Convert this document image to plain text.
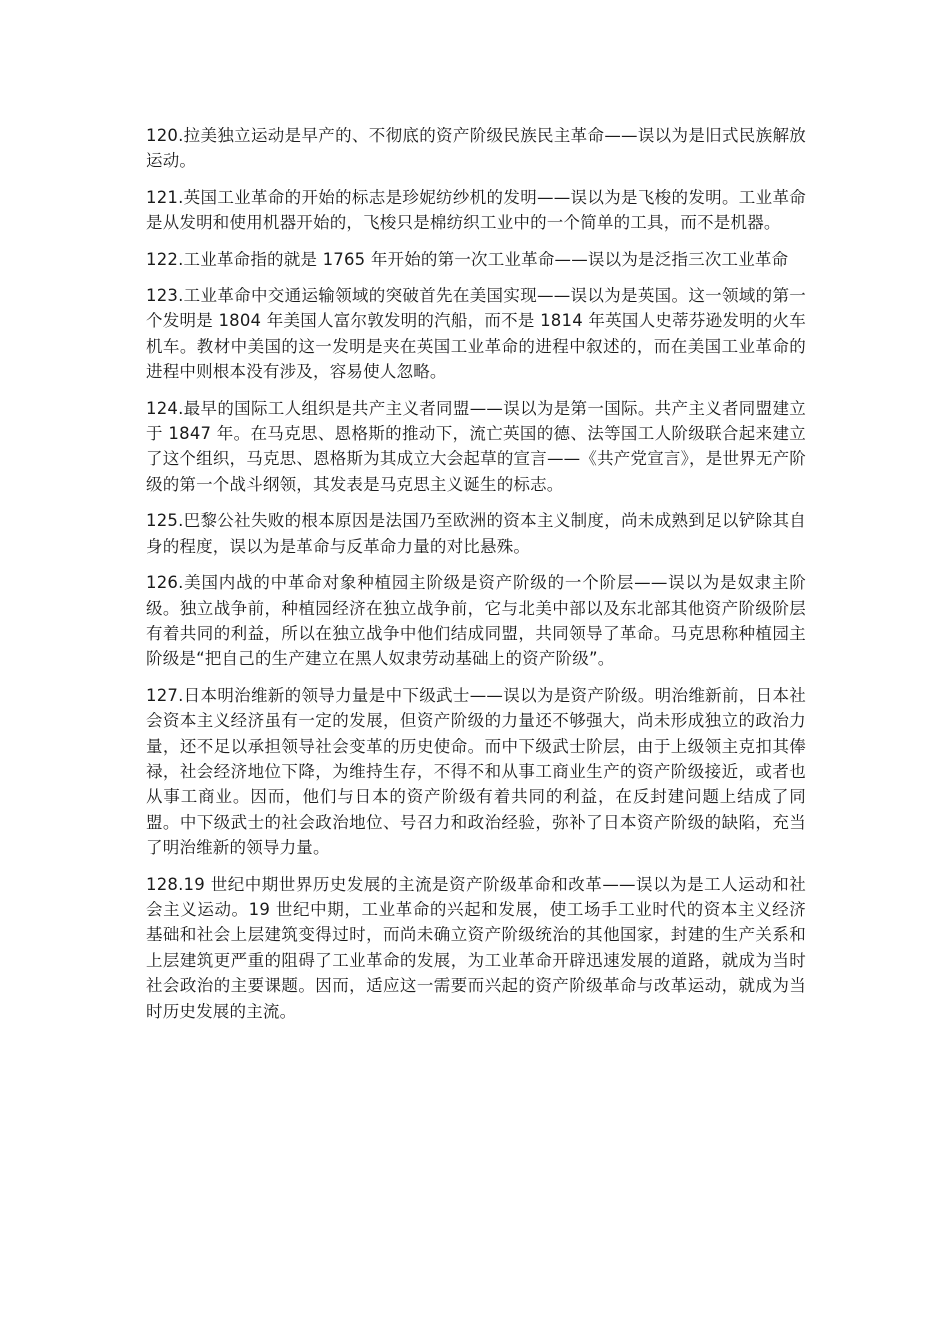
120.拉美独立运动是早产的、不彻底的资产阶级民族民主革命——误以为是旧式民族解放运动。

121.英国工业革命的开始的标志是珍妮纺纱机的发明——误以为是飞梭的发明。工业革命是从发明和使用机器开始的，飞梭只是棉纺织工业中的一个简单的工具，而不是机器。

122.工业革命指的就是 1765 年开始的第一次工业革命——误以为是泛指三次工业革命

123.工业革命中交通运输领域的突破首先在美国实现——误以为是英国。这一领域的第一个发明是 1804 年美国人富尔敦发明的汽船，而不是 1814 年英国人史蒂芬逊发明的火车机车。教材中美国的这一发明是夹在英国工业革命的进程中叙述的，而在美国工业革命的进程中则根本没有涉及，容易使人忽略。

124.最早的国际工人组织是共产主义者同盟——误以为是第一国际。共产主义者同盟建立于 1847 年。在马克思、恩格斯的推动下，流亡英国的德、法等国工人阶级联合起来建立了这个组织，马克思、恩格斯为其成立大会起草的宣言——《共产党宣言》，是世界无产阶级的第一个战斗纲领，其发表是马克思主义诞生的标志。

125.巴黎公社失败的根本原因是法国乃至欧洲的资本主义制度，尚未成熟到足以铲除其自身的程度，误以为是革命与反革命力量的对比悬殊。

126.美国内战的中革命对象种植园主阶级是资产阶级的一个阶层——误以为是奴隶主阶级。独立战争前，种植园经济在独立战争前，它与北美中部以及东北部其他资产阶级阶层有着共同的利益，所以在独立战争中他们结成同盟，共同领导了革命。马克思称种植园主阶级是“把自己的生产建立在黑人奴隶劳动基础上的资产阶级”。

127.日本明治维新的领导力量是中下级武士——误以为是资产阶级。明治维新前，日本社会资本主义经济虽有一定的发展，但资产阶级的力量还不够强大，尚未形成独立的政治力量，还不足以承担领导社会变革的历史使命。而中下级武士阶层，由于上级领主克扣其俸禄，社会经济地位下降，为维持生存，不得不和从事工商业生产的资产阶级接近，或者也从事工商业。因而，他们与日本的资产阶级有着共同的利益，在反封建问题上结成了同盟。中下级武士的社会政治地位、号召力和政治经验，弥补了日本资产阶级的缺陷，充当了明治维新的领导力量。

128.19 世纪中期世界历史发展的主流是资产阶级革命和改革——误以为是工人运动和社会主义运动。19 世纪中期，工业革命的兴起和发展，使工场手工业时代的资本主义经济基础和社会上层建筑变得过时，而尚未确立资产阶级统治的其他国家，封建的生产关系和上层建筑更严重的阻碍了工业革命的发展，为工业革命开辟迅速发展的道路，就成为当时社会政治的主要课题。因而，适应这一需要而兴起的资产阶级革命与改革运动，就成为当时历史发展的主流。
